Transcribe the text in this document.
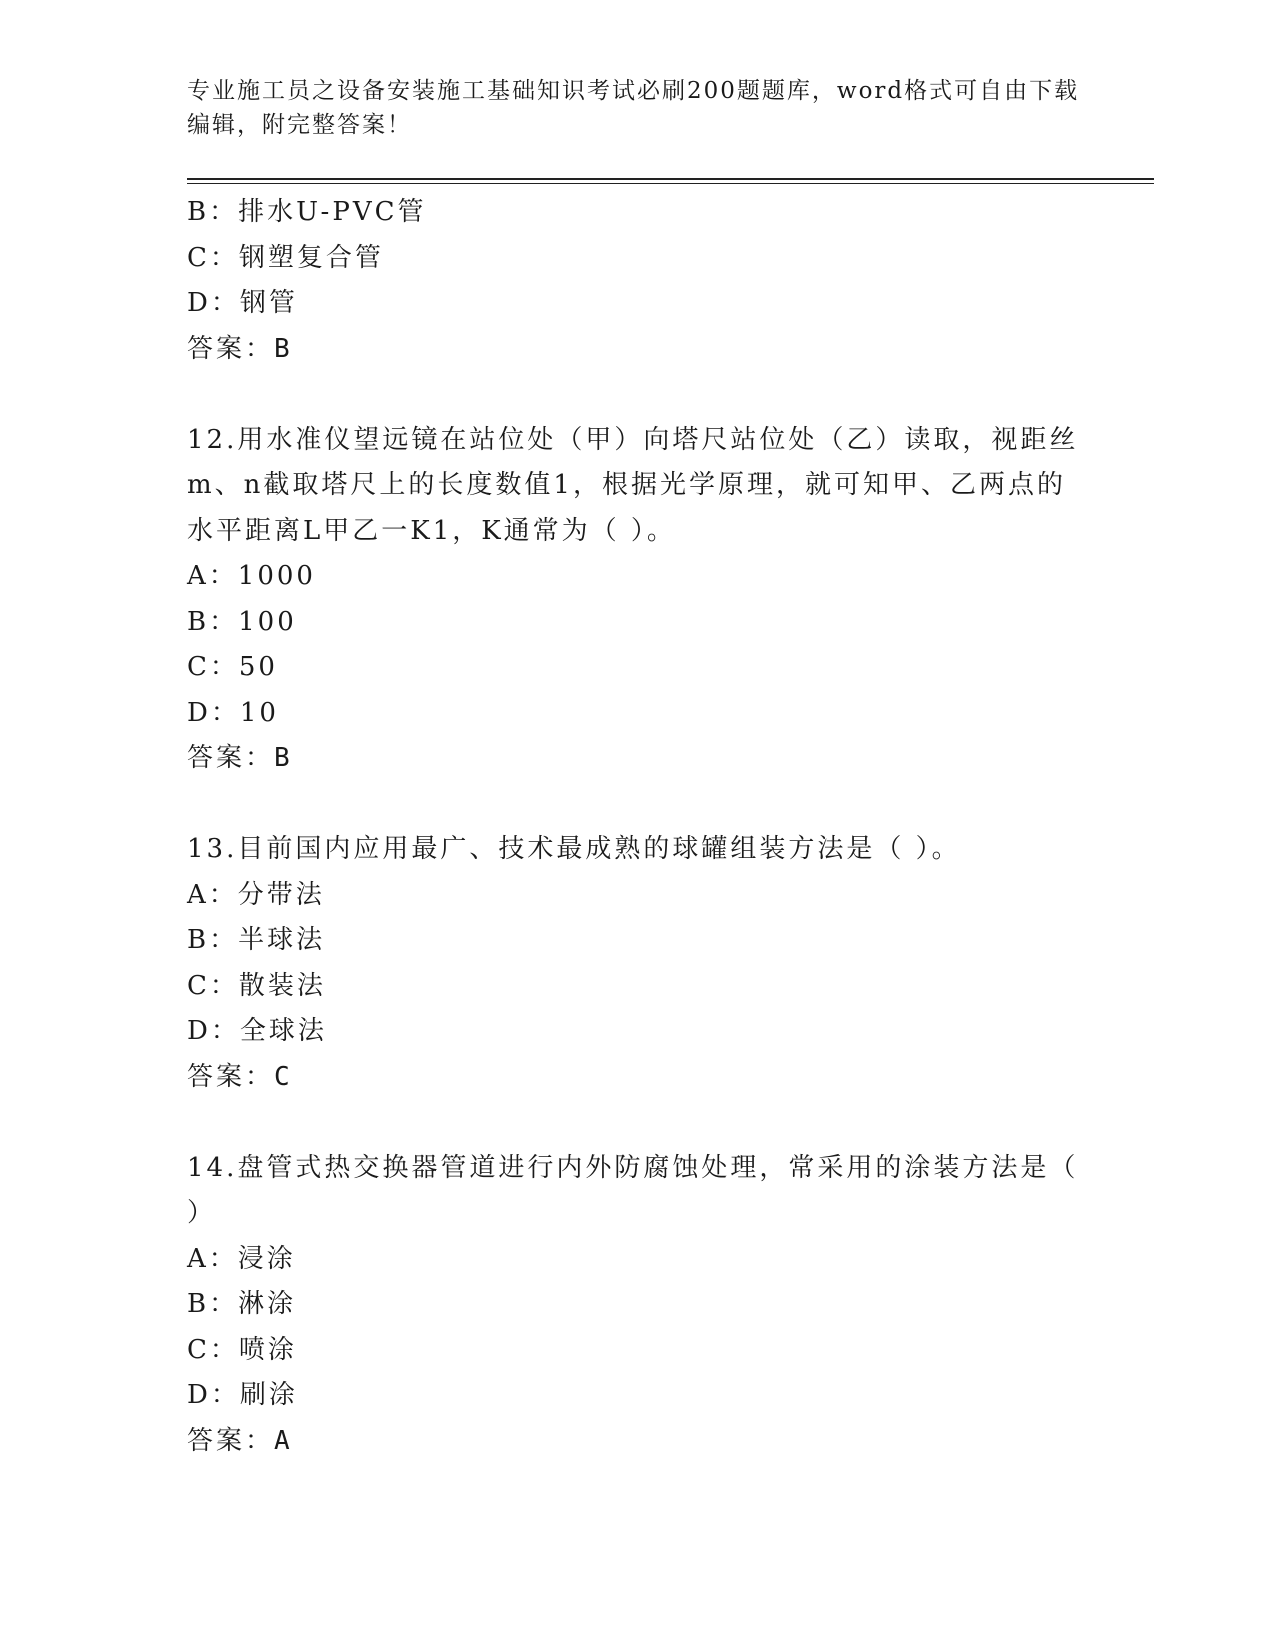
专业施工员之设备安装施工基础知识考试必刷200题题库，word格式可自由下载
编辑，附完整答案！
B：排水U-PVC管
C：钢塑复合管
D：钢管
答案：B
12.用水准仪望远镜在站位处（甲）向塔尺站位处（乙）读取，视距丝
m、n截取塔尺上的长度数值1，根据光学原理，就可知甲、乙两点的
水平距离L甲乙一K1，K通常为（ ）。
A：1000
B：100
C：50
D：10
答案：B
13.目前国内应用最广、技术最成熟的球罐组装方法是（ ）。
A：分带法
B：半球法
C：散装法
D：全球法
答案：C
14.盘管式热交换器管道进行内外防腐蚀处理，常采用的涂装方法是（
）
A：浸涂
B：淋涂
C：喷涂
D：刷涂
答案：A
